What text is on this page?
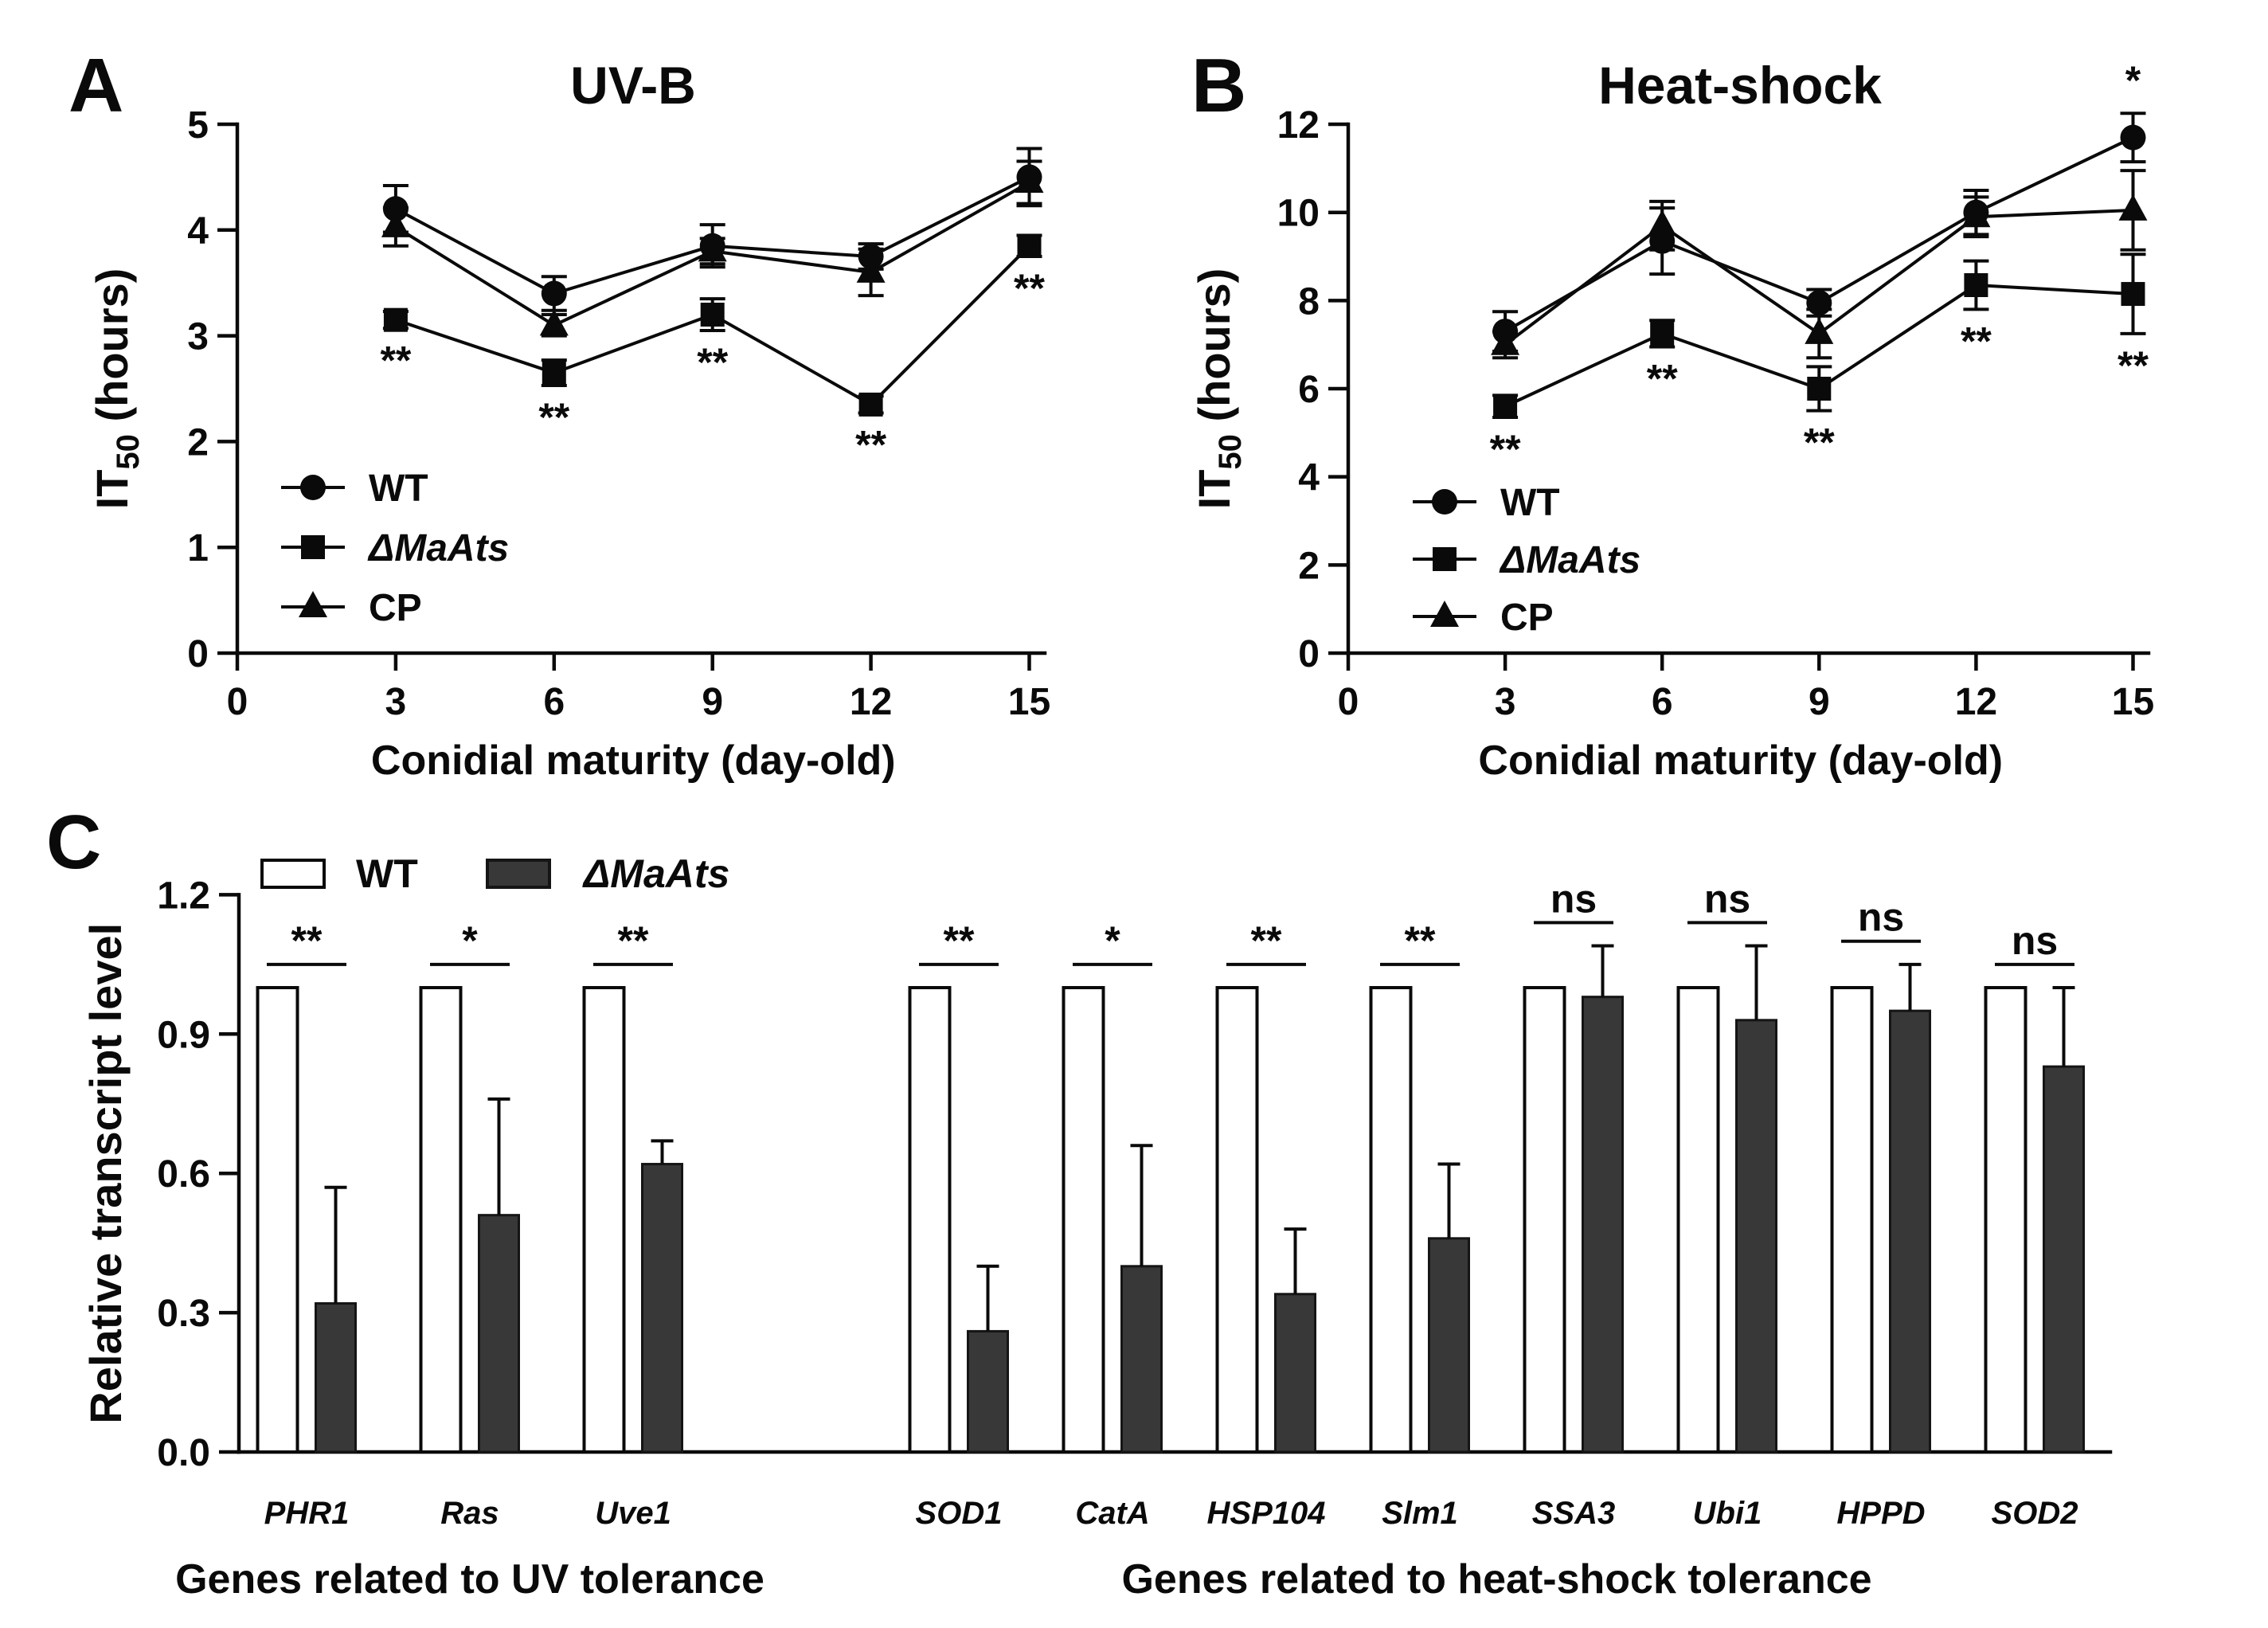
A	B
C
UV-B	Heat-shock
WT	ΔMaAts
0
1
2
3
4
5
0	3	6	9	12	15
Conidial maturity (day-old)
$IT_{50}$ (hours)
WT
ΔMaAts
CP
**
**
**
**
**
0
2
4
6
8
10
12
0	3	6	9	12	15
Conidial maturity (day-old)
$IT_{50}$ (hours)
WT
ΔMaAts
CP
**
**
**
**
**
*
0.0
0.3
0.6
0.9
1.2
Relative transcript level	**
PHR1
*
Ras
**
Uve1
**
SOD1
*
CatA
**
HSP104
**
Slm1
ns
SSA3
ns
Ubi1
ns
HPPD
ns
SOD2
Genes related to UV tolerance	Genes related to heat-shock tolerance
